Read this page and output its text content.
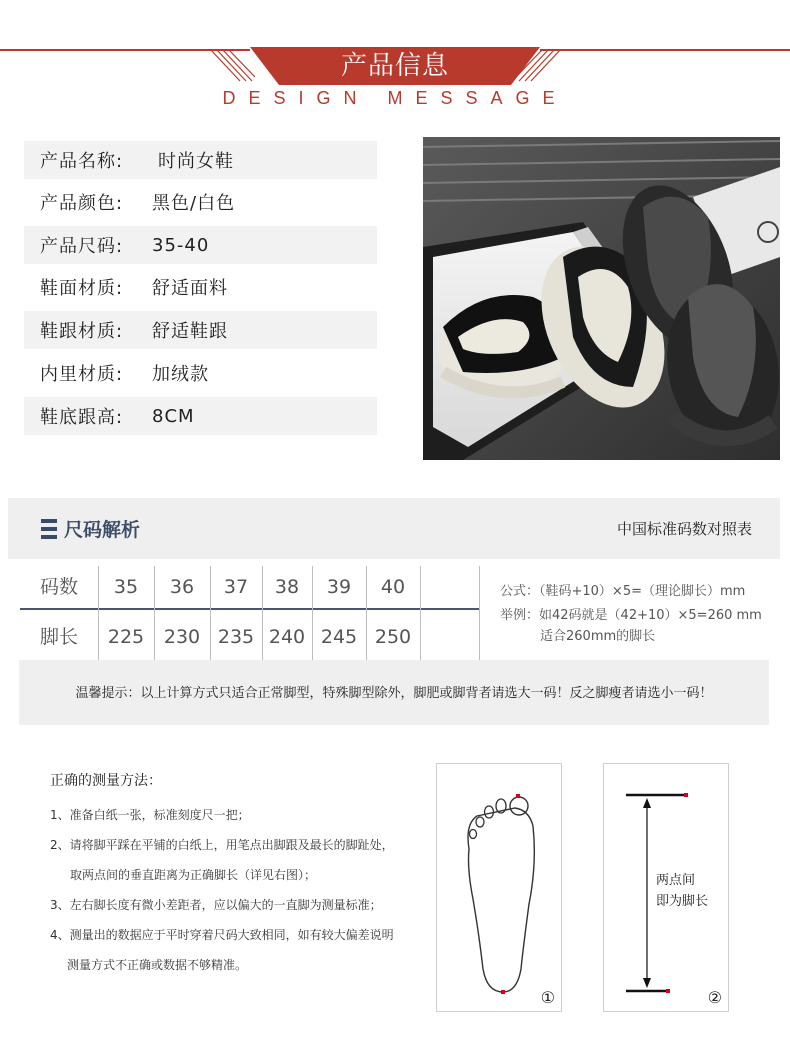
产品信息
DESIGN MESSAGE
产品名称:	时尚女鞋
产品颜色:	黑色/白色
产品尺码:	35-40
鞋面材质:	舒适面料
鞋跟材质:	舒适鞋跟
内里材质:	加绒款
鞋底跟高:	8CM
尺码解析	中国标准码数对照表
码数	35	36	37	38	39	40
脚长	225	230 235 240 245 250
公式：（鞋码+10）×5=（理论脚长）mm
举例：如42码就是（42+10）×5=260 mm
适合260mm的脚长
温馨提示：以上计算方式只适合正常脚型，特殊脚型除外，脚肥或脚背者请选大一码！反之脚瘦者请选小一码！
正确的测量方法：
1、准备白纸一张，标准刻度尺一把；
2、请将脚平踩在平铺的白纸上，用笔点出脚跟及最长的脚趾处，
取两点间的垂直距离为正确脚长（详见右图）；
3、左右脚长度有微小差距者，应以偏大的一直脚为测量标准；
4、测量出的数据应于平时穿着尺码大致相同，如有较大偏差说明
测量方式不正确或数据不够精准。
①
两点间
即为脚长
②
